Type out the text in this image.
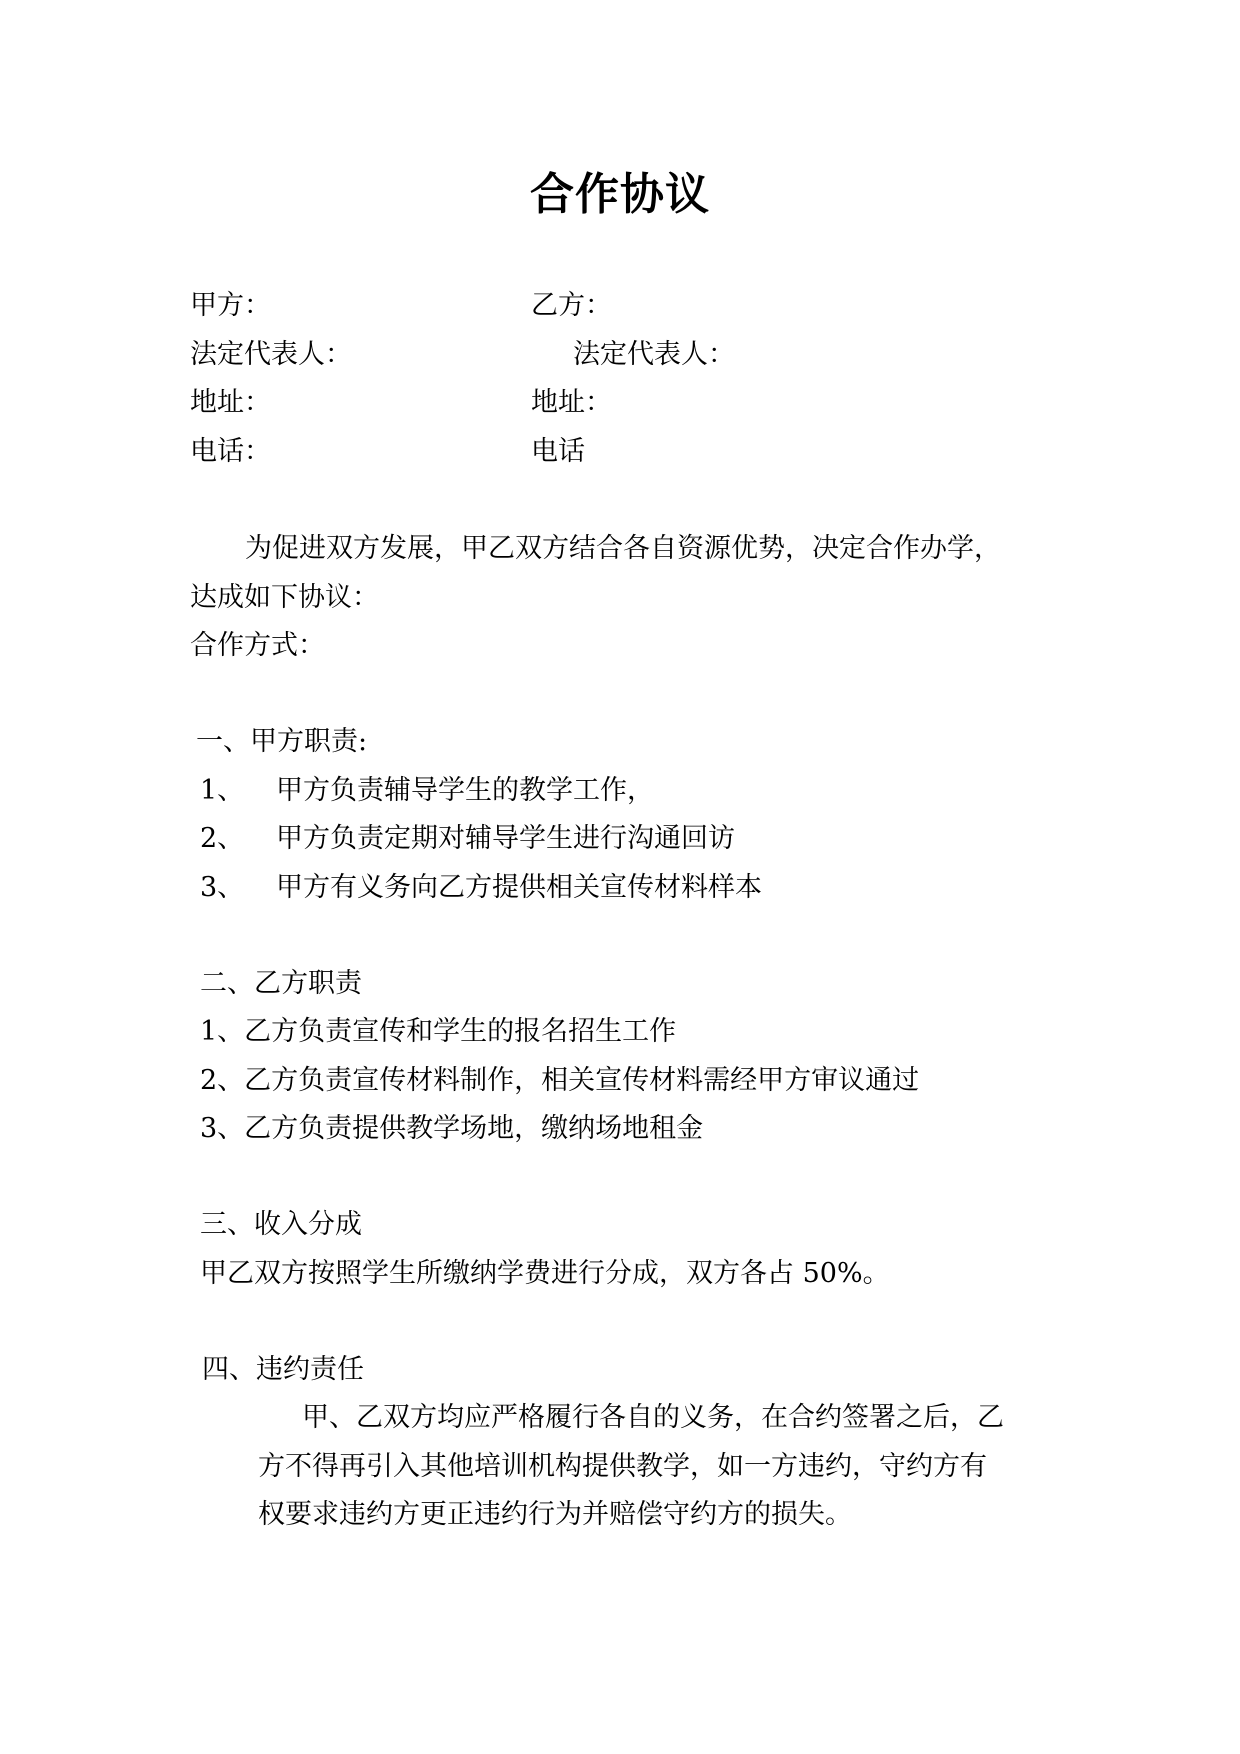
合作协议
甲方：	乙方：
法定代表人：	法定代表人：
地址：	地址：
电话：	电话
为促进双方发展，甲乙双方结合各自资源优势，决定合作办学，
达成如下协议：
合作方式：
一、甲方职责:
1、 甲方负责辅导学生的教学工作，
2、 甲方负责定期对辅导学生进行沟通回访
3、 甲方有义务向乙方提供相关宣传材料样本
二、乙方职责
1、乙方负责宣传和学生的报名招生工作
2、乙方负责宣传材料制作，相关宣传材料需经甲方审议通过
3、乙方负责提供教学场地，缴纳场地租金
三、收入分成
甲乙双方按照学生所缴纳学费进行分成，双方各占 50%。
四、违约责任
甲、乙双方均应严格履行各自的义务，在合约签署之后，乙
方不得再引入其他培训机构提供教学，如一方违约，守约方有
权要求违约方更正违约行为并赔偿守约方的损失。
